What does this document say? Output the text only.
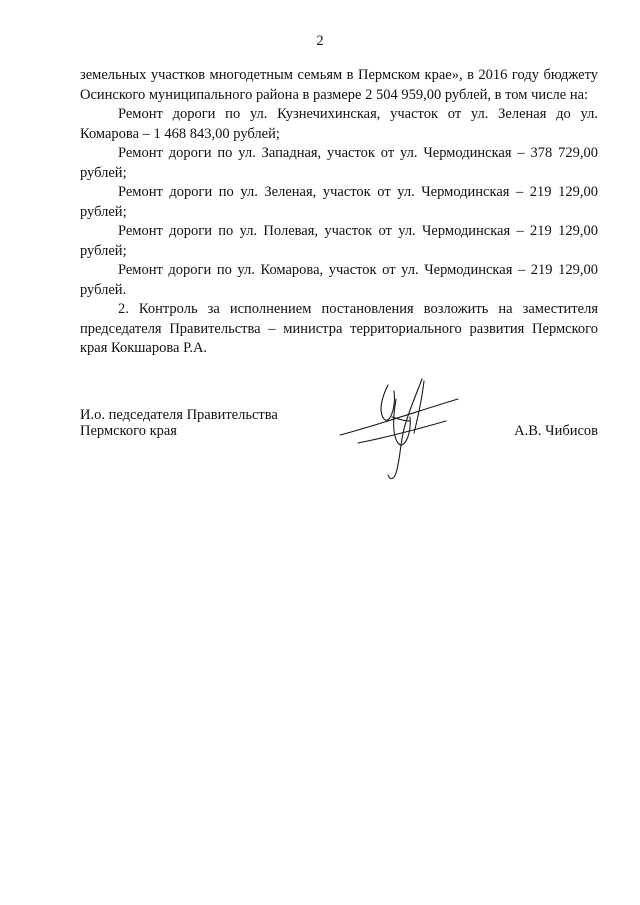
2

земельных участков многодетным семьям в Пермском крае», в 2016 году бюджету Осинского муниципального района в размере 2 504 959,00 рублей, в том числе на:

Ремонт дороги по ул. Кузнечихинская, участок от ул. Зеленая до ул. Комарова – 1 468 843,00 рублей;

Ремонт дороги по ул. Западная, участок от ул. Чермодинская – 378 729,00 рублей;

Ремонт дороги по ул. Зеленая, участок от ул. Чермодинская – 219 129,00 рублей;

Ремонт дороги по ул. Полевая, участок от ул. Чермодинская – 219 129,00 рублей;

Ремонт дороги по ул. Комарова, участок от ул. Чермодинская – 219 129,00 рублей.

2. Контроль за исполнением постановления возложить на заместителя председателя Правительства – министра территориального развития Пермского края Кокшарова Р.А.

И.о. педседателя Правительства
Пермского края	А.В. Чибисов
